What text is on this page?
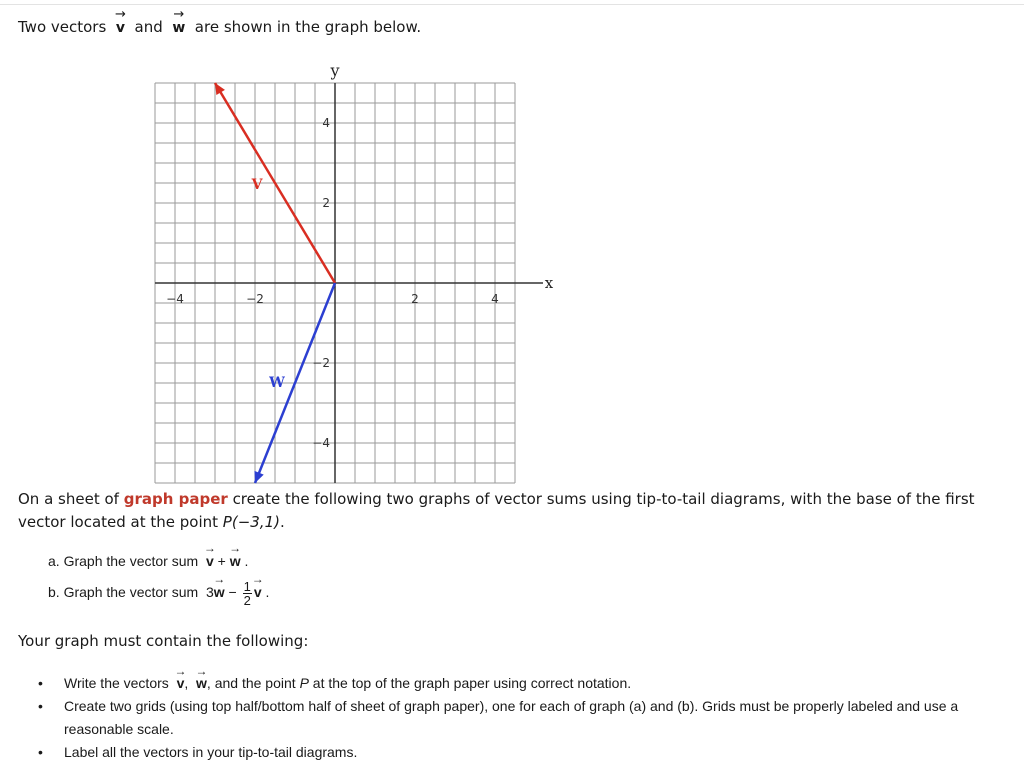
Two vectors  → v and  → w are shown in the graph below.
y
x
−4	−2	2	4
4
2
−2
−4
V
W
On a sheet of graph paper create the following two graphs of vector sums using tip-to-tail diagrams, with the base of the first vector located at the point P(−3,1).
a. Graph the vector sum  → v + → w .
b. Graph the vector sum $3\to w - \frac{1}{2}$
→ v .
Your graph must contain the following:
• Write the vectors  → v,  → w, and the point P at the top of the graph paper using correct notation.
• Create two grids (using top half/bottom half of sheet of graph paper), one for each of graph (a) and (b). Grids must be properly labeled and use a reasonable scale.
• Label all the vectors in your tip-to-tail diagrams.
